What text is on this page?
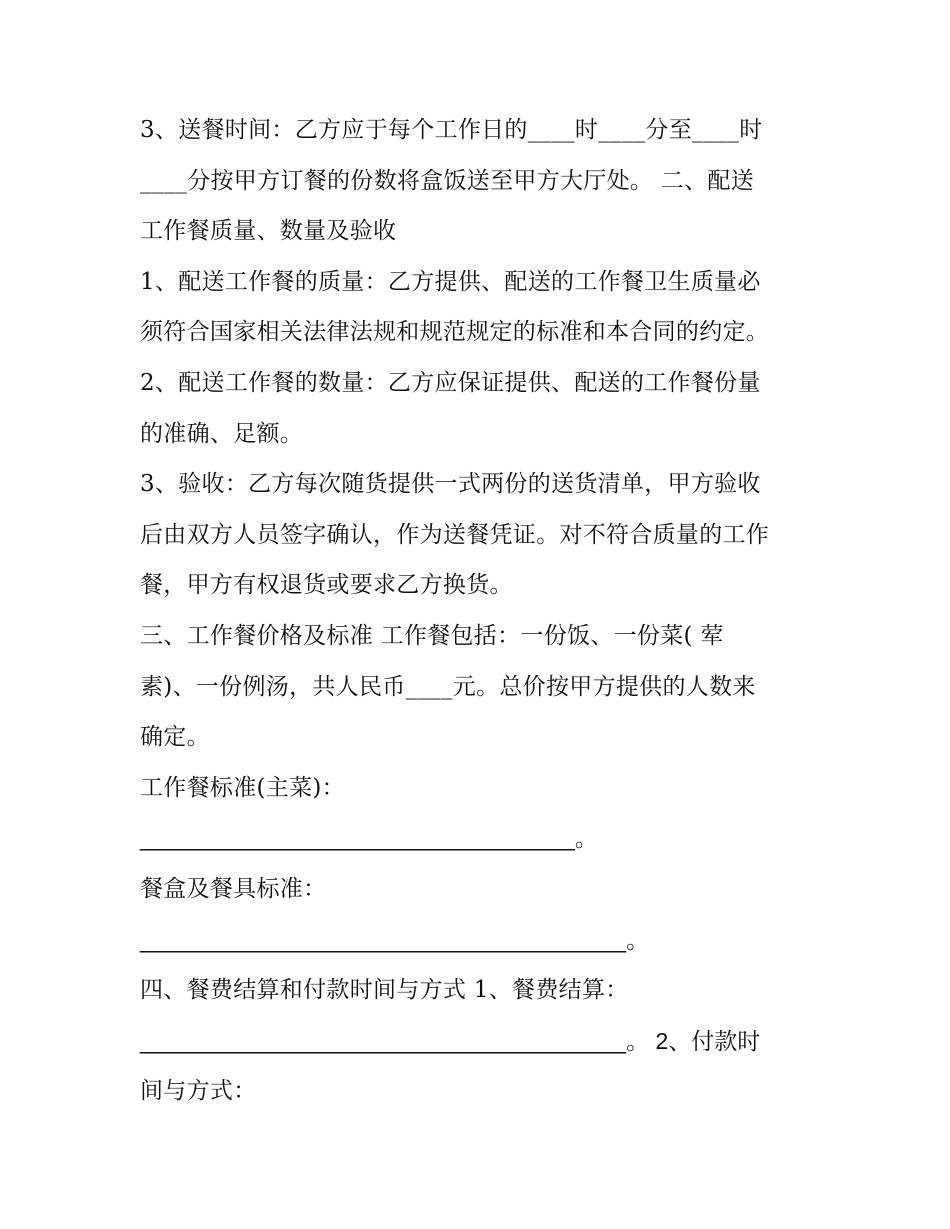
3、送餐时间：乙方应于每个工作日的____时____分至____时
____分按甲方订餐的份数将盒饭送至甲方大厅处。 二、配送
工作餐质量、数量及验收
1、配送工作餐的质量：乙方提供、配送的工作餐卫生质量必
须符合国家相关法律法规和规范规定的标准和本合同的约定。
2、配送工作餐的数量：乙方应保证提供、配送的工作餐份量
的准确、足额。
3、验收：乙方每次随货提供一式两份的送货清单，甲方验收
后由双方人员签字确认，作为送餐凭证。对不符合质量的工作
餐，甲方有权退货或要求乙方换货。
三、工作餐价格及标准 工作餐包括：一份饭、一份菜( 荤
素)、一份例汤，共人民币____元。总价按甲方提供的人数来
确定。
工作餐标准(主菜)：
__________________________________。
餐盒及餐具标准：
______________________________________。
四、餐费结算和付款时间与方式 1、餐费结算：
______________________________________。 2、付款时
间与方式：
